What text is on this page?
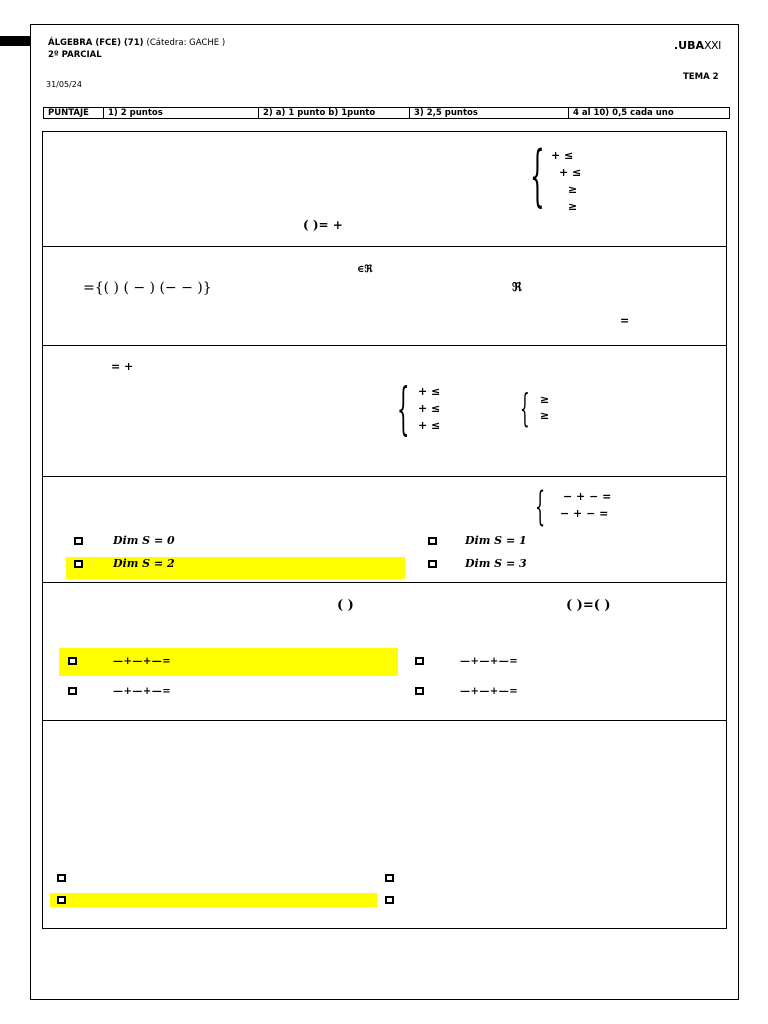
ÁLGEBRA (FCE) (71) (Cátedra: GACHE )
2º PARCIAL
31/05/24
.UBAXXI
TEMA 2
PUNTAJE	1) 2 puntos	2) a) 1 punto b) 1punto	3) 2,5 puntos	4 al 10) 0,5 cada uno
{ + ≤
+ ≤
≥
≥
( )= +
∈ℜ
={( ) ( − ) (− − )}	ℜ
=
= +
{ + ≤
+ ≤
+ ≤ { ≥
≥
{ − + − =
− + − =
Dim S = 0	Dim S = 1
Dim S = 2	Dim S = 3
( )	( )=( )
—+—+—=	—+—+—=
—+—+—=	—+—+—=
